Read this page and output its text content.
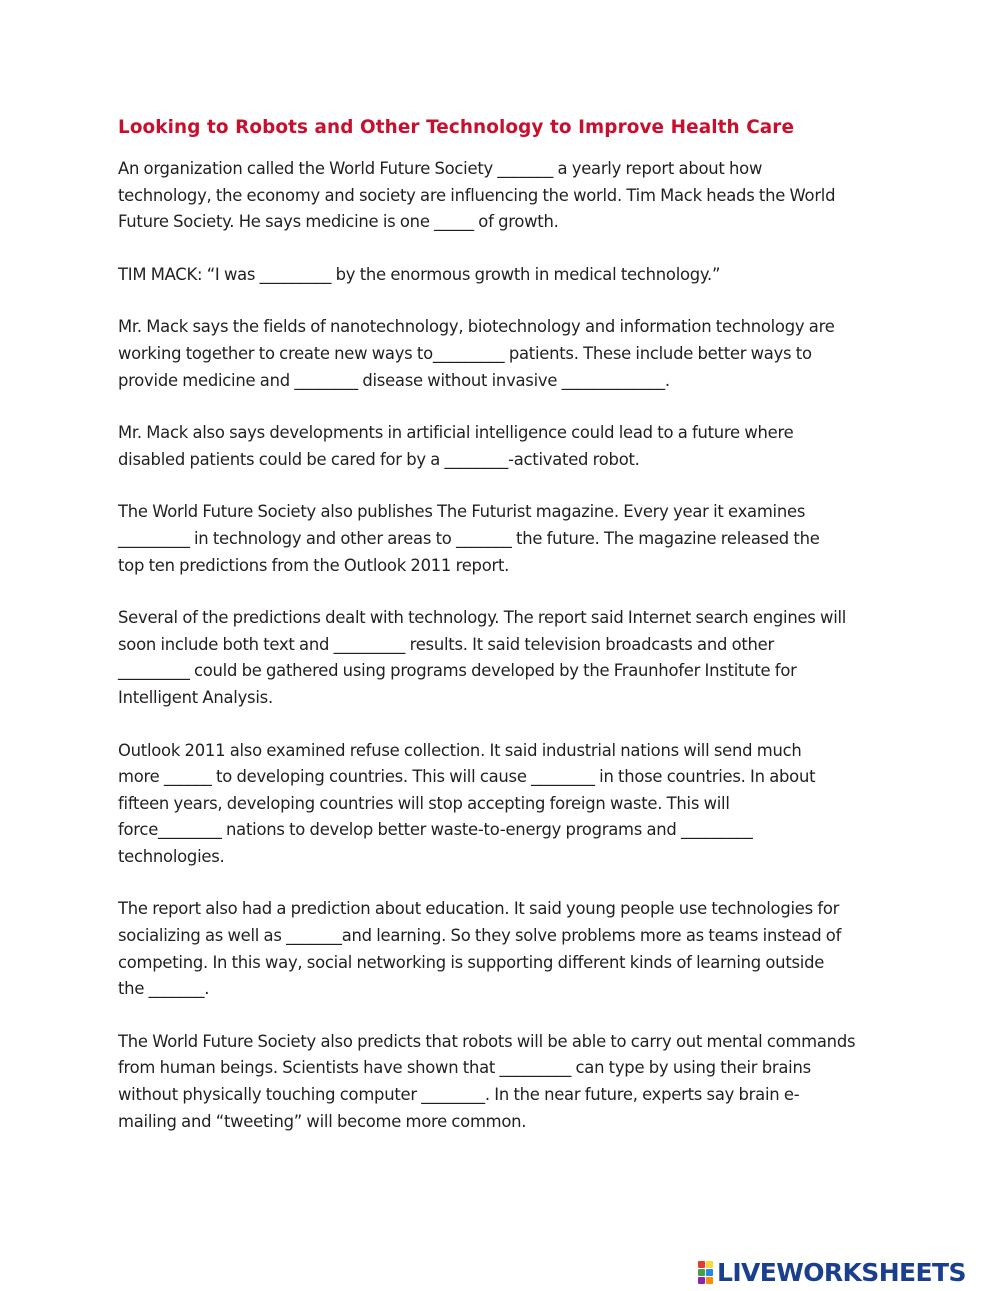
Looking to Robots and Other Technology to Improve Health Care

An organization called the World Future Society _______ a yearly report about how
technology, the economy and society are influencing the world. Tim Mack heads the World
Future Society. He says medicine is one _____ of growth.

TIM MACK: “I was _________ by the enormous growth in medical technology.”

Mr. Mack says the fields of nanotechnology, biotechnology and information technology are
working together to create new ways to_________ patients. These include better ways to
provide medicine and ________ disease without invasive _____________.

Mr. Mack also says developments in artificial intelligence could lead to a future where
disabled patients could be cared for by a ________-activated robot.

The World Future Society also publishes The Futurist magazine. Every year it examines
_________ in technology and other areas to _______ the future. The magazine released the
top ten predictions from the Outlook 2011 report.

Several of the predictions dealt with technology. The report said Internet search engines will
soon include both text and _________ results. It said television broadcasts and other
_________ could be gathered using programs developed by the Fraunhofer Institute for
Intelligent Analysis.

Outlook 2011 also examined refuse collection. It said industrial nations will send much
more ______ to developing countries. This will cause ________ in those countries. In about
fifteen years, developing countries will stop accepting foreign waste. This will
force________ nations to develop better waste-to-energy programs and _________
technologies.

The report also had a prediction about education. It said young people use technologies for
socializing as well as _______and learning. So they solve problems more as teams instead of
competing. In this way, social networking is supporting different kinds of learning outside
the _______.

The World Future Society also predicts that robots will be able to carry out mental commands
from human beings. Scientists have shown that _________ can type by using their brains
without physically touching computer ________. In the near future, experts say brain e-
mailing and “tweeting” will become more common.

LIVEWORKSHEETS
